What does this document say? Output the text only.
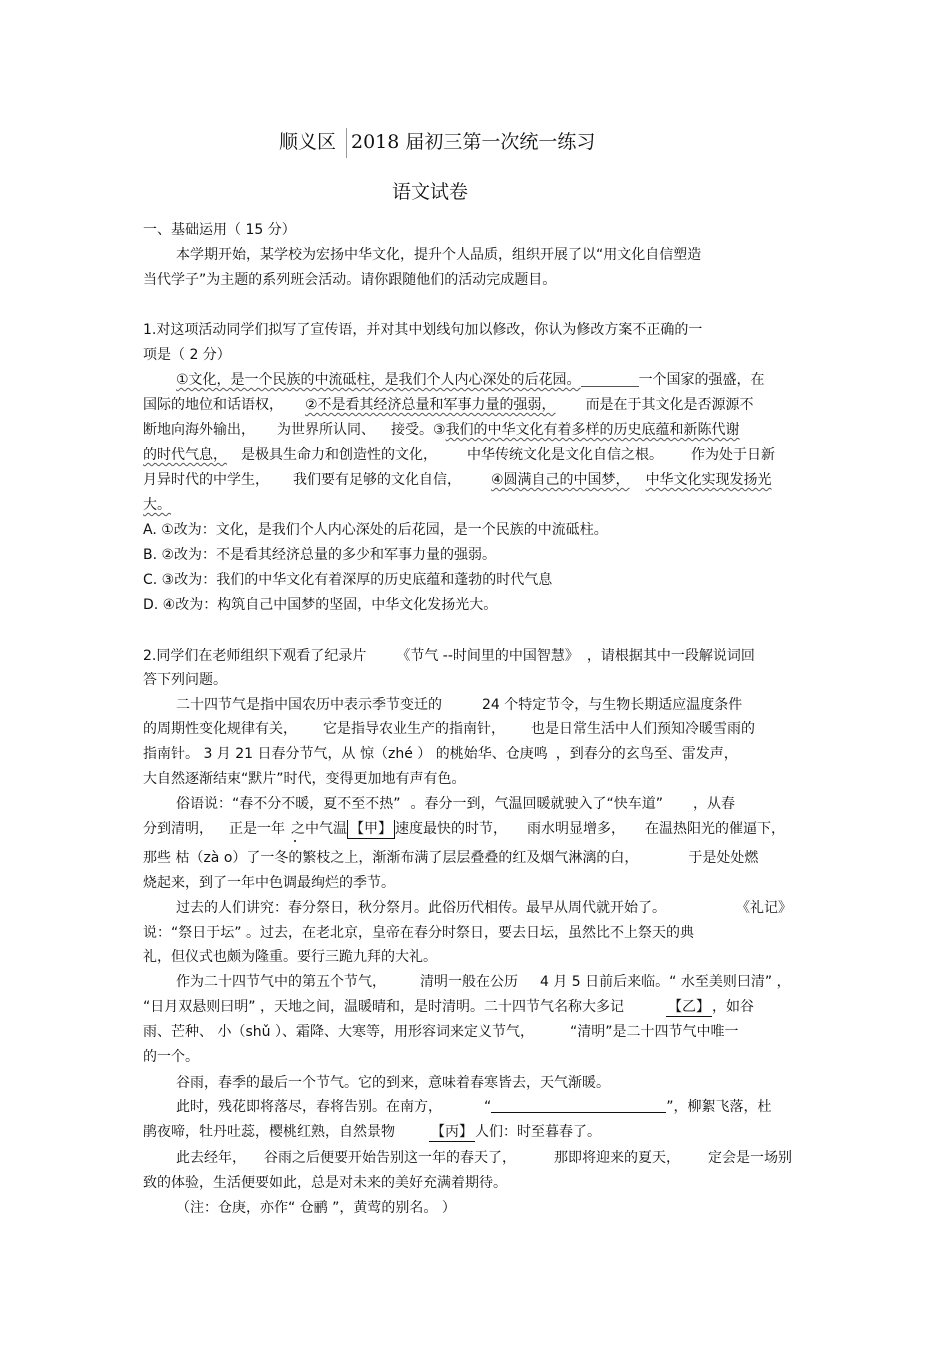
顺义区 2018 届初三第一次统一练习
语文试卷
一、基础运用（ 15 分）
本学期开始，某学校为宏扬中华文化，提升个人品质，组织开展了以“用文化自信塑造
当代学子”为主题的系列班会活动。请你跟随他们的活动完成题目。
1.对这项活动同学们拟写了宣传语，并对其中划线句加以修改，你认为修改方案不正确的一
项是（ 2 分）
①文化，是一个民族的中流砥柱，是我们个人内心深处的后花园。	一个国家的强盛，在
国际的地位和话语权， ②不是看其经济总量和军事力量的强弱， 而是在于其文化是否源源不
断地向海外输出， 为世界所认同、 接受。③我们的中华文化有着多样的历史底蕴和新陈代谢
的时代气息， 是极具生命力和创造性的文化， 中华传统文化是文化自信之根。 作为处于日新
月异时代的中学生， 我们要有足够的文化自信， ④圆满自己的中国梦， 中华文化实现发扬光
大。
A. ①改为：文化，是我们个人内心深处的后花园，是一个民族的中流砥柱。
B. ②改为：不是看其经济总量的多少和军事力量的强弱。
C. ③改为：我们的中华文化有着深厚的历史底蕴和蓬勃的时代气息
D. ④改为：构筑自己中国梦的坚固，中华文化发扬光大。
2.同学们在老师组织下观看了纪录片 《节气 --时间里的中国智慧》 ，请根据其中一段解说词回
答下列问题。
二十四节气是指中国农历中表示季节变迁的	24 个特定节令，与生物长期适应温度条件
的周期性变化规律有关， 它是指导农业生产的指南针， 也是日常生活中人们预知冷暖雪雨的
指南针。 3 月 21 日春分节气，从 惊（zhé ） 的桃始华、仓庚鸣 ，到春分的玄鸟至、雷发声，
大自然逐渐结束“默片”时代，变得更加地有声有色。
俗语说：“春不分不暖，夏不至不热” 。春分一到，气温回暖就驶入了“快车道” ，从春
分到清明， 正是一年 之中气温 【甲】 速度最快的时节， 雨水明显增多， 在温热阳光的催逼下，
那些 枯（zà o）了一冬的繁枝之上，渐渐布满了层层叠叠的红及烟气淋漓的白，	于是处处燃
烧起来，到了一年中色调最绚烂的季节。
过去的人们讲究：春分祭日，秋分祭月。此俗历代相传。最早从周代就开始了。	《礼记》
说：“祭日于坛” 。过去，在老北京，皇帝在春分时祭日，要去日坛，虽然比不上祭天的典
礼，但仪式也颇为隆重。要行三跪九拜的大礼。
作为二十四节气中的第五个节气， 清明一般在公历 4 月 5 日前后来临。“ 水至美则曰清” ，
“日月双悬则曰明” ，天地之间，温暖晴和，是时清明。二十四节气名称大多记	【乙】 ，如谷
雨、芒种、 小（shǔ ）、霜降、大寒等，用形容词来定义节气，	“清明”是二十四节气中唯一
的一个。
谷雨，春季的最后一个节气。它的到来，意味着春寒皆去，天气渐暖。
此时，残花即将落尽，春将告别。在南方，	“	”，柳絮飞落，杜
鹃夜啼，牡丹吐蕊，樱桃红熟，自然景物	【丙】 人们：时至暮春了。
此去经年， 谷雨之后便要开始告别这一年的春天了，	那即将迎来的夏天， 定会是一场别
致的体验，生活便要如此，总是对未来的美好充满着期待。
（注：仓庚，亦作“ 仓鹂 ”，黄莺的别名。 ）
